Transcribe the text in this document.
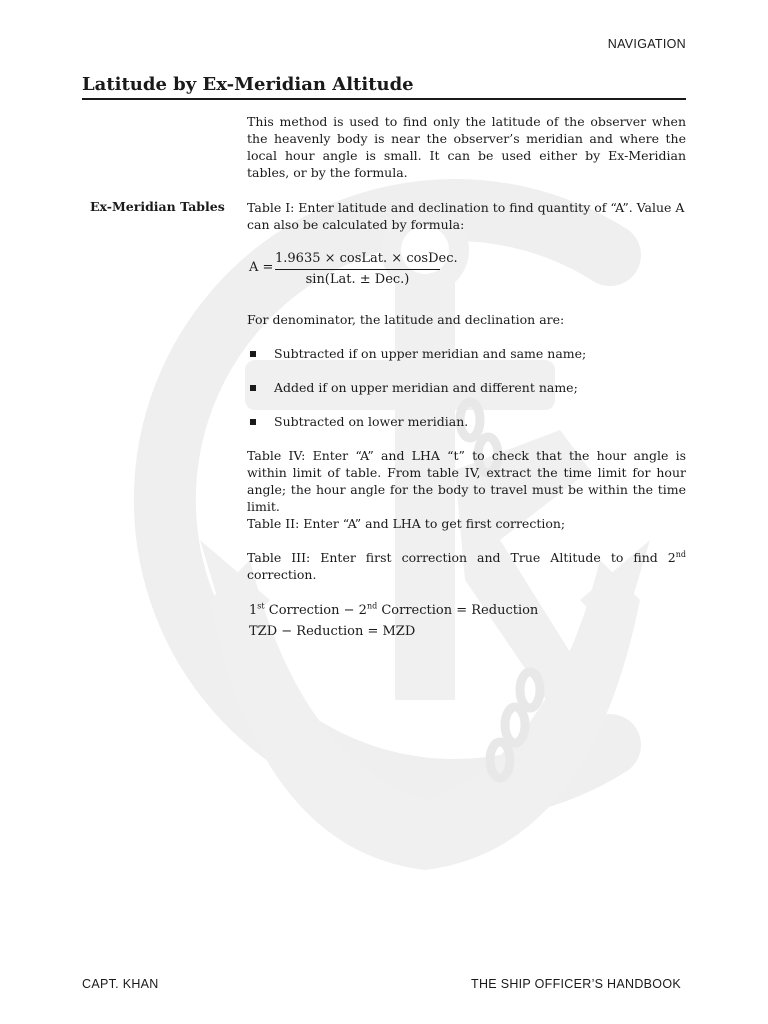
NAVIGATION
Latitude by Ex-Meridian Altitude
This method is used to find only the latitude of the observer when the heavenly body is near the observer’s meridian and where the local hour angle is small. It can be used either by Ex-Meridian tables, or by the formula.
Ex-Meridian Tables Table I: Enter latitude and declination to find quantity of “A”. Value A can also be calculated by formula:
A =
1.9635 × cosLat. × cosDec.
sin(Lat. ± Dec.)
For denominator, the latitude and declination are:
Subtracted if on upper meridian and same name;
Added if on upper meridian and different name;
Subtracted on lower meridian.
Table IV: Enter “A” and LHA “t” to check that the hour angle is within limit of table. From table IV, extract the time limit for hour angle; the hour angle for the body to travel must be within the time limit.
Table II: Enter “A” and LHA to get first correction;
Table III: Enter first correction and True Altitude to find 2nd correction.
1st Correction − 2nd Correction = Reduction
TZD − Reduction = MZD
CAPT. KHAN	THE SHIP OFFICER’S HANDBOOK
